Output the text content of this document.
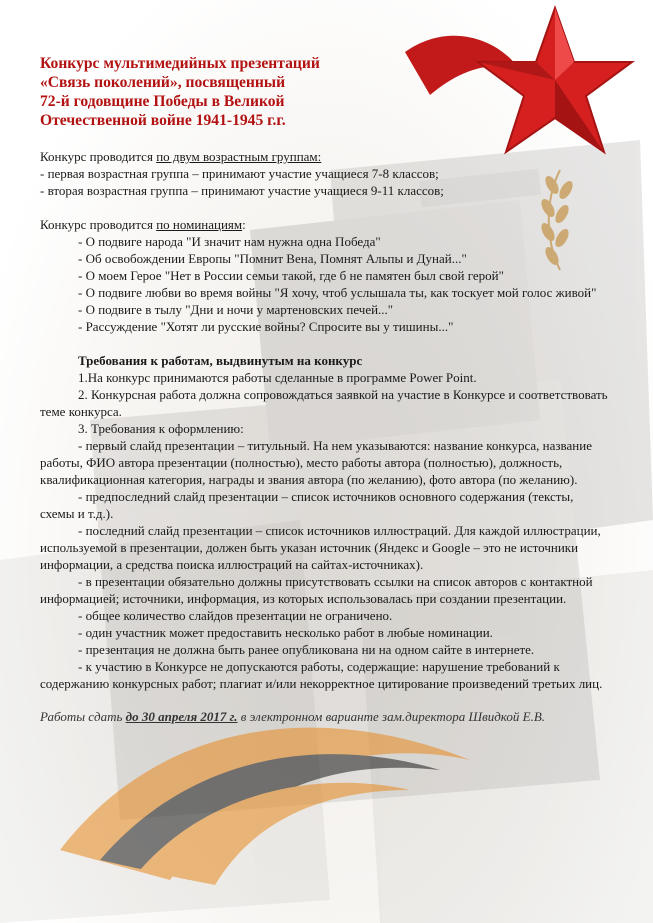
Конкурс мультимедийных презентаций
«Связь поколений», посвященный
72-й годовщине Победы в Великой
Отечественной войне 1941-1945 г.г.

Конкурс проводится по двум возрастным группам:

- первая возрастная группа – принимают участие учащиеся 7-8 классов;

- вторая возрастная группа – принимают участие учащиеся 9-11 классов;

Конкурс проводится по номинациям:

- О подвиге народа "И значит нам нужна одна Победа"

- Об освобождении Европы "Помнит Вена, Помнят Альпы и Дунай..."

- О моем Герое "Нет в России семьи такой, где б не памятен был свой герой"

- О подвиге любви во время войны "Я хочу, чтоб услышала ты, как тоскует мой голос живой"

- О подвиге в тылу "Дни и ночи у мартеновских печей..."

- Рассуждение "Хотят ли русские войны? Спросите вы у тишины..."

Требования к работам, выдвинутым на конкурс

1.На конкурс принимаются работы сделанные в программе Power Point.

2. Конкурсная работа должна сопровождаться заявкой на участие в Конкурсе и соответствовать теме конкурса.

3. Требования к оформлению:

- первый слайд презентации – титульный. На нем указываются: название конкурса, название работы, ФИО автора презентации (полностью), место работы автора (полностью), должность, квалификационная категория, награды и звания автора (по желанию), фото автора (по желанию).

- предпоследний слайд презентации – список источников основного содержания (тексты, схемы и т.д.).

- последний слайд презентации – список источников иллюстраций. Для каждой иллюстрации, используемой в презентации, должен быть указан источник (Яндекс и Google – это не источники информации, а средства поиска иллюстраций на сайтах-источниках).

- в презентации обязательно должны присутствовать ссылки на список авторов с контактной информацией; источники, информация, из которых использовалась при создании презентации.

- общее количество слайдов презентации не ограничено.

- один участник может предоставить несколько работ в любые номинации.

- презентация не должна быть ранее опубликована ни на одном сайте в интернете.

- к участию в Конкурсе не допускаются работы, содержащие: нарушение требований к содержанию конкурсных работ; плагиат и/или некорректное цитирование произведений третьих лиц.

Работы сдать до 30 апреля 2017 г. в электронном варианте зам.директора Швидкой Е.В.
